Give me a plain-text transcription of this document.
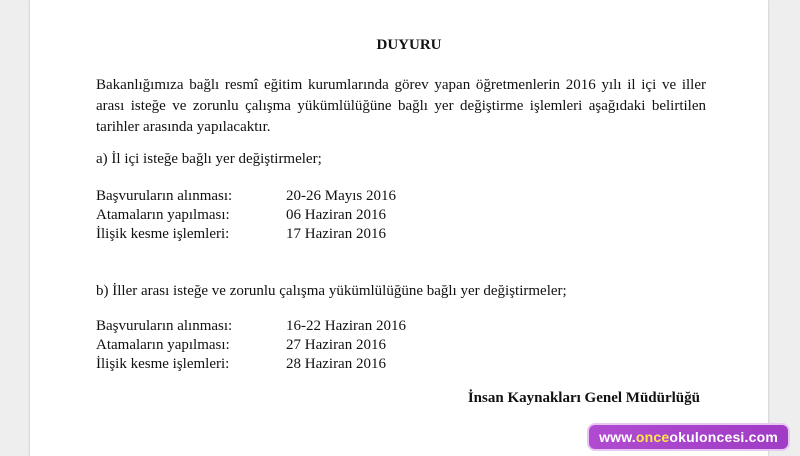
DUYURU
Bakanlığımıza bağlı resmî eğitim kurumlarında görev yapan öğretmenlerin 2016 yılı il içi ve iller arası isteğe ve zorunlu çalışma yükümlülüğüne bağlı yer değiştirme işlemleri aşağıdaki belirtilen tarihler arasında yapılacaktır.
a) İl içi isteğe bağlı yer değiştirmeler;
Başvuruların alınması:	20-26 Mayıs 2016
Atamaların yapılması:	06 Haziran 2016
İlişik kesme işlemleri:	17 Haziran 2016
b) İller arası isteğe ve zorunlu çalışma yükümlülüğüne bağlı yer değiştirmeler;
Başvuruların alınması:	16-22 Haziran 2016
Atamaların yapılması:	27 Haziran 2016
İlişik kesme işlemleri:	28 Haziran 2016
İnsan Kaynakları Genel Müdürlüğü
www.onceokuloncesi.com
